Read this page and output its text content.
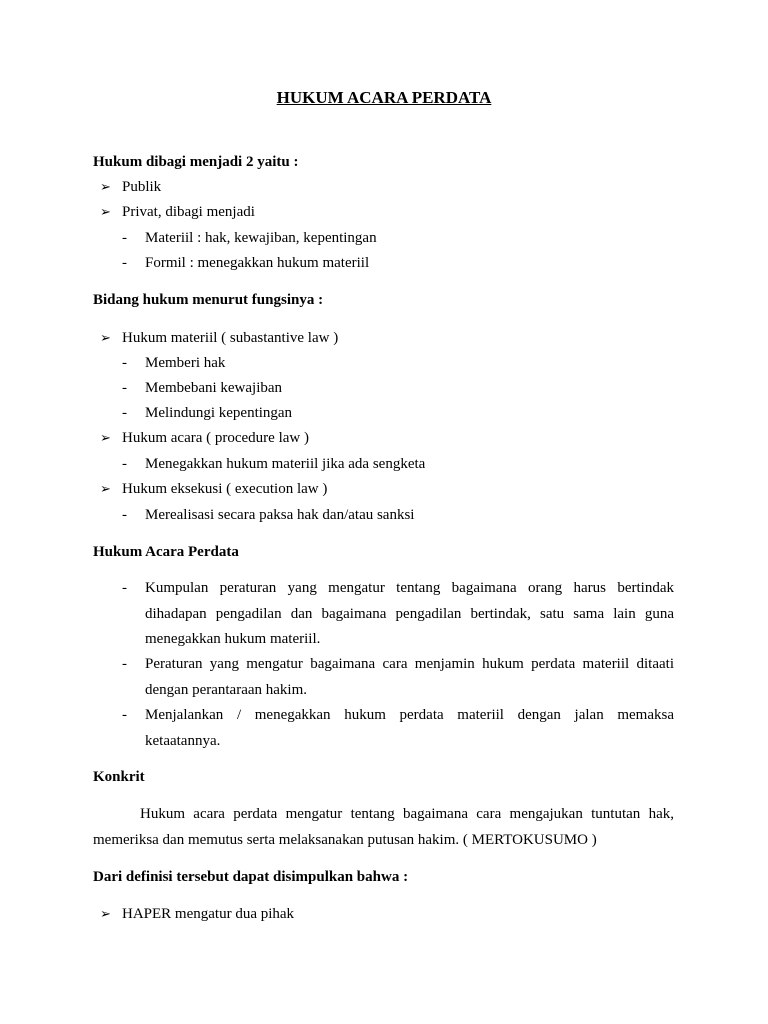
HUKUM ACARA PERDATA
Hukum dibagi menjadi 2 yaitu :
➢ Publik
➢ Privat, dibagi menjadi
- Materiil : hak, kewajiban, kepentingan
- Formil : menegakkan hukum materiil
Bidang hukum menurut fungsinya :
➢ Hukum materiil ( subastantive law )
- Memberi hak
- Membebani kewajiban
- Melindungi kepentingan
➢ Hukum acara ( procedure law )
- Menegakkan hukum materiil jika ada sengketa
➢ Hukum eksekusi ( execution law )
- Merealisasi secara paksa hak dan/atau sanksi
Hukum Acara Perdata
- Kumpulan peraturan yang mengatur tentang bagaimana orang harus bertindak
dihadapan pengadilan dan bagaimana pengadilan bertindak, satu sama lain guna
menegakkan hukum materiil.
- Peraturan yang mengatur bagaimana cara menjamin hukum perdata materiil ditaati
dengan perantaraan hakim.
- Menjalankan / menegakkan hukum perdata materiil dengan jalan memaksa
ketaatannya.
Konkrit
Hukum acara perdata mengatur tentang bagaimana cara mengajukan tuntutan hak,
memeriksa dan memutus serta melaksanakan putusan hakim. ( MERTOKUSUMO )
Dari definisi tersebut dapat disimpulkan bahwa :
➢ HAPER mengatur dua pihak
